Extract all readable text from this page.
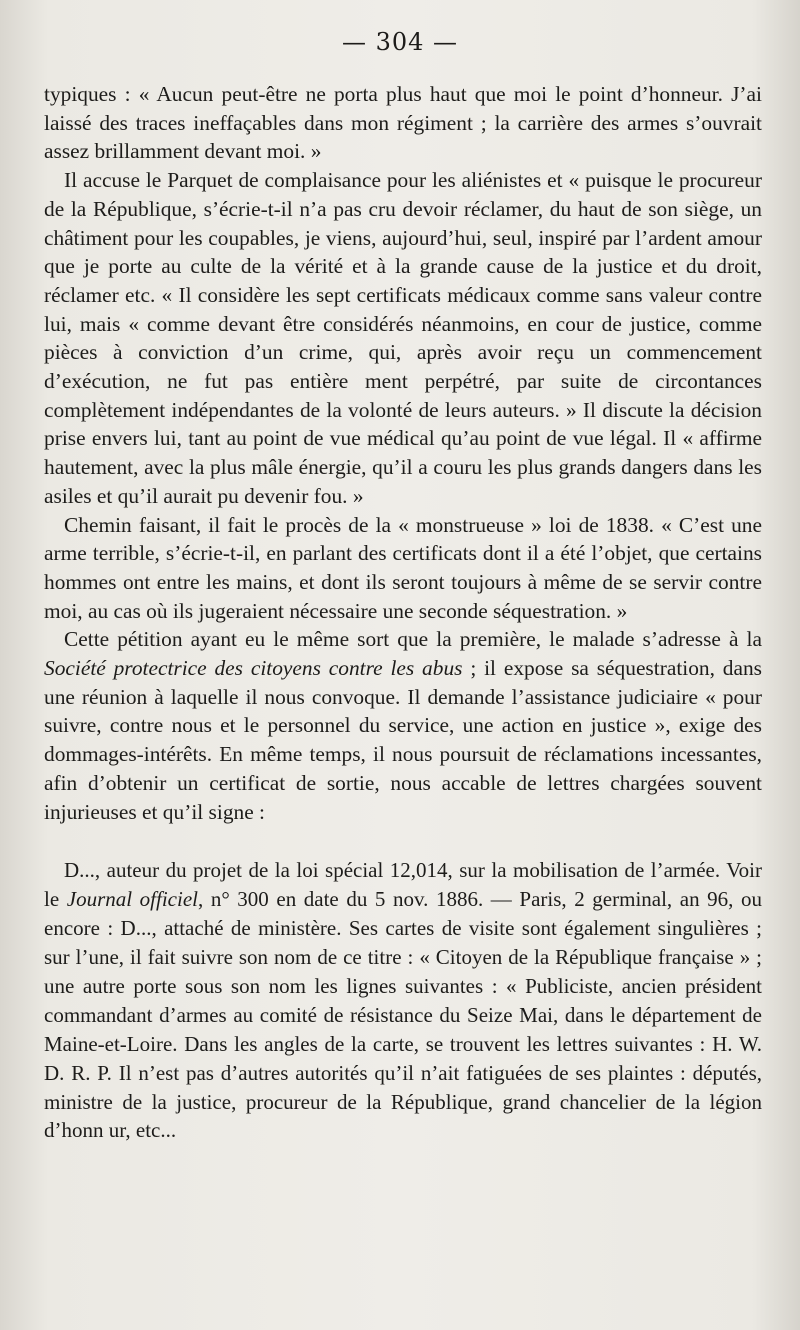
— 304 —

typiques : « Aucun peut-être ne porta plus haut que moi le point d’honneur. J’ai laissé des traces ineffaçables dans mon régiment ; la carrière des armes s’ouvrait assez brillamment devant moi. »

Il accuse le Parquet de complaisance pour les aliénistes et « puisque le procureur de la République, s’écrie-t-il n’a pas cru devoir réclamer, du haut de son siège, un châtiment pour les coupables, je viens, aujourd’hui, seul, inspiré par l’ardent amour que je porte au culte de la vérité et à la grande cause de la justice et du droit, réclamer etc. « Il considère les sept certificats médicaux comme sans valeur contre lui, mais « comme devant être considérés néanmoins, en cour de justice, comme pièces à conviction d’un crime, qui, après avoir reçu un commencement d’exécution, ne fut pas entière ment perpétré, par suite de circontances complètement indépendantes de la volonté de leurs auteurs. » Il discute la décision prise envers lui, tant au point de vue médical qu’au point de vue légal. Il « affirme hautement, avec la plus mâle énergie, qu’il a couru les plus grands dangers dans les asiles et qu’il aurait pu devenir fou. »

Chemin faisant, il fait le procès de la « monstrueuse » loi de 1838. « C’est une arme terrible, s’écrie-t-il, en parlant des certificats dont il a été l’objet, que certains hommes ont entre les mains, et dont ils seront toujours à même de se servir contre moi, au cas où ils jugeraient nécessaire une seconde séquestration. »

Cette pétition ayant eu le même sort que la première, le malade s’adresse à la Société protectrice des citoyens contre les abus ; il expose sa séquestration, dans une réunion à laquelle il nous convoque. Il demande l’assistance judiciaire « pour suivre, contre nous et le personnel du service, une action en justice », exige des dommages-intérêts. En même temps, il nous poursuit de réclamations incessantes, afin d’obtenir un certificat de sortie, nous accable de lettres chargées souvent injurieuses et qu’il signe :

D..., auteur du projet de la loi spécial 12,014, sur la mobilisation de l’armée. Voir le Journal officiel, n° 300 en date du 5 nov. 1886. — Paris, 2 germinal, an 96, ou encore : D..., attaché de ministère. Ses cartes de visite sont également singulières ; sur l’une, il fait suivre son nom de ce titre : « Citoyen de la République française » ; une autre porte sous son nom les lignes suivantes : « Publiciste, ancien président commandant d’armes au comité de résistance du Seize Mai, dans le département de Maine-et-Loire. Dans les angles de la carte, se trouvent les lettres suivantes : H. W. D. R. P. Il n’est pas d’autres autorités qu’il n’ait fatiguées de ses plaintes : députés, ministre de la justice, procureur de la République, grand chancelier de la légion d’honn ur, etc...
